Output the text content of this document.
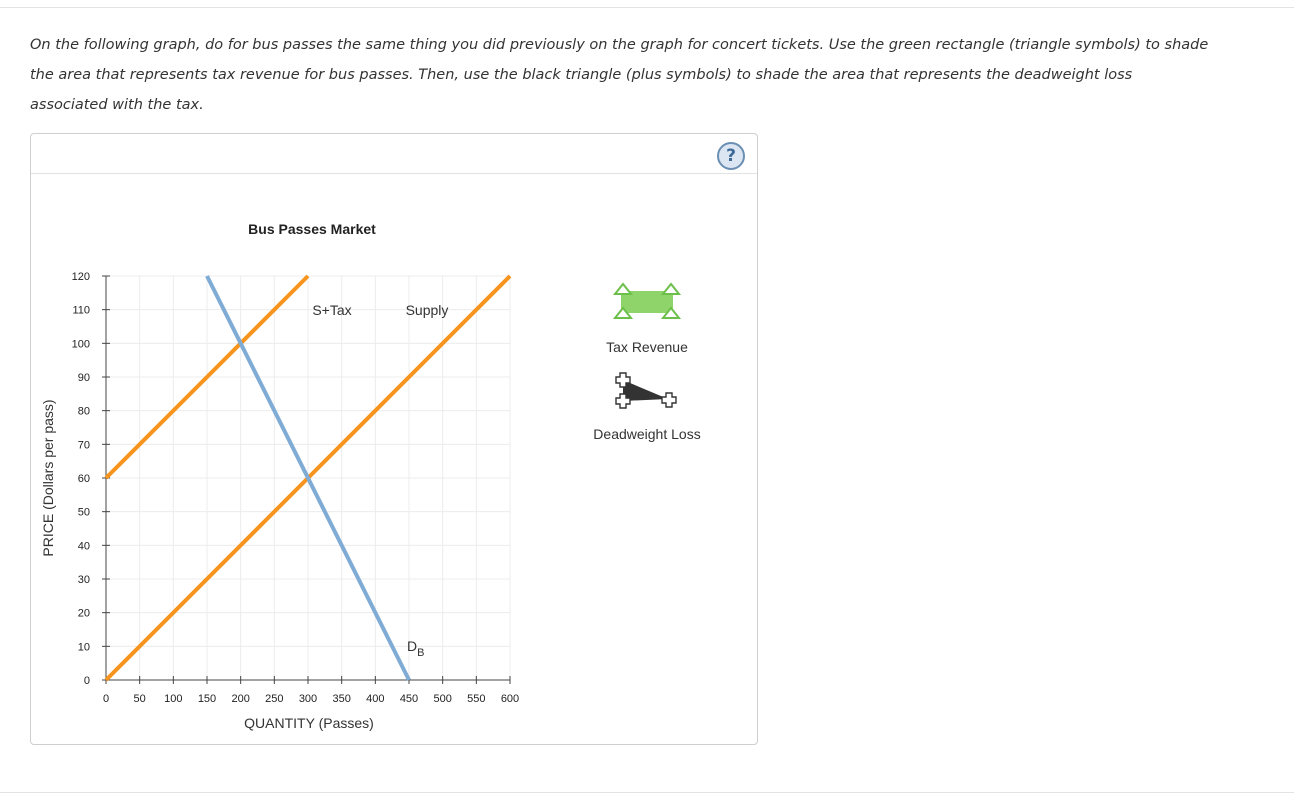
On the following graph, do for bus passes the same thing you did previously on the graph for concert tickets. Use the green rectangle (triangle symbols) to shade the area that represents tax revenue for bus passes. Then, use the black triangle (plus symbols) to shade the area that represents the deadweight loss associated with the tax.
?
Bus Passes Market
0
10
20
30
40
50
60
70
80
90
100
110
120
0 50 100 150 200 250 300 350 400 450 500 550 600
PRICE (Dollars per pass)
QUANTITY (Passes)
S+Tax	Supply
$D_B$
Tax Revenue
Deadweight Loss
